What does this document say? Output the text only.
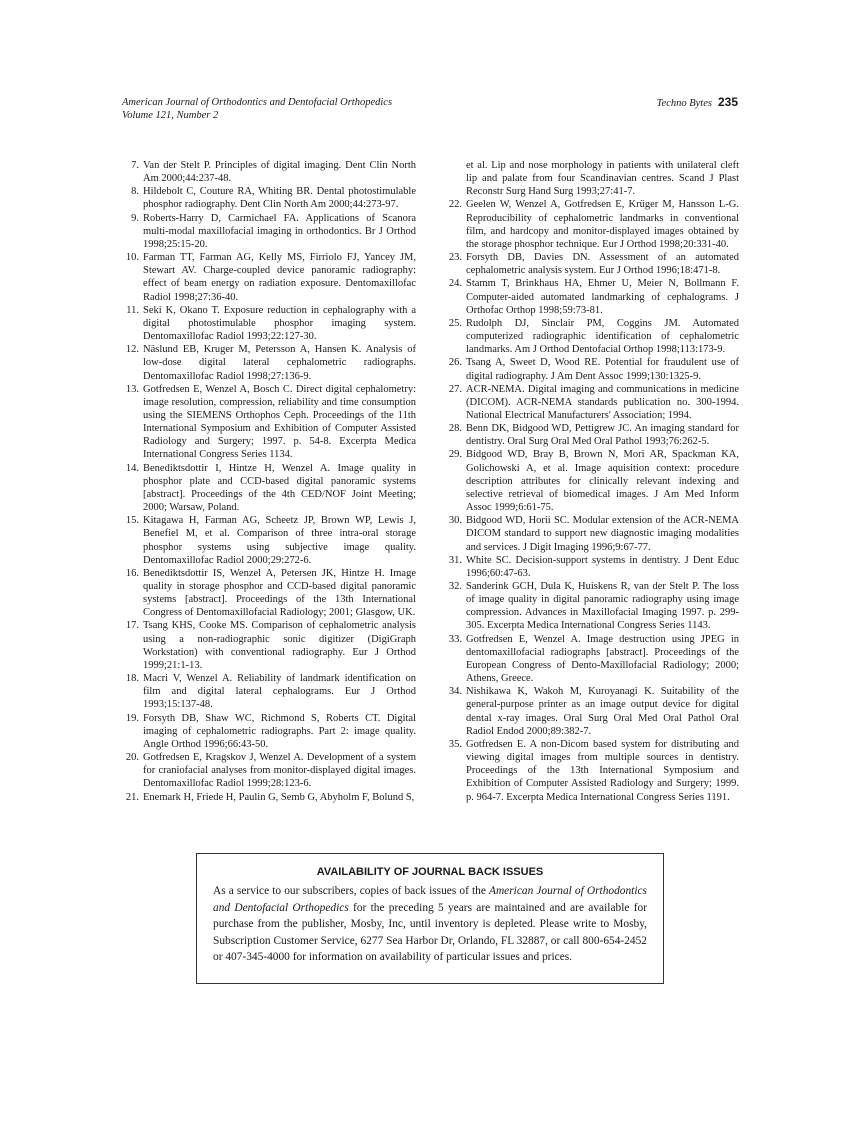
American Journal of Orthodontics and Dentofacial Orthopedics
Volume 121, Number 2
Techno Bytes 235
7. Van der Stelt P. Principles of digital imaging. Dent Clin North Am 2000;44:237-48.
8. Hildebolt C, Couture RA, Whiting BR. Dental photostimulable phosphor radiography. Dent Clin North Am 2000;44:273-97.
9. Roberts-Harry D, Carmichael FA. Applications of Scanora multi-modal maxillofacial imaging in orthodontics. Br J Orthod 1998;25:15-20.
10. Farman TT, Farman AG, Kelly MS, Firriolo FJ, Yancey JM, Stewart AV. Charge-coupled device panoramic radiography: effect of beam energy on radiation exposure. Dentomaxillofac Radiol 1998;27:36-40.
11. Seki K, Okano T. Exposure reduction in cephalography with a digital photostimulable phosphor imaging system. Dentomaxillofac Radiol 1993;22:127-30.
12. Näslund EB, Kruger M, Petersson A, Hansen K. Analysis of low-dose digital lateral cephalometric radiographs. Dentomaxillofac Radiol 1998;27:136-9.
13. Gotfredsen E, Wenzel A, Bosch C. Direct digital cephalometry: image resolution, compression, reliability and time consumption using the SIEMENS Orthophos Ceph. Proceedings of the 11th International Symposium and Exhibition of Computer Assisted Radiology and Surgery; 1997. p. 54-8. Excerpta Medica International Congress Series 1134.
14. Benediktsdottir I, Hintze H, Wenzel A. Image quality in phosphor plate and CCD-based digital panoramic systems [abstract]. Proceedings of the 4th CED/NOF Joint Meeting; 2000; Warsaw, Poland.
15. Kitagawa H, Farman AG, Scheetz JP, Brown WP, Lewis J, Benefiel M, et al. Comparison of three intra-oral storage phosphor systems using subjective image quality. Dentomaxillofac Radiol 2000;29:272-6.
16. Benediktsdottir IS, Wenzel A, Petersen JK, Hintze H. Image quality in storage phosphor and CCD-based digital panoramic systems [abstract]. Proceedings of the 13th International Congress of Dentomaxillofacial Radiology; 2001; Glasgow, UK.
17. Tsang KHS, Cooke MS. Comparison of cephalometric analysis using a non-radiographic sonic digitizer (DigiGraph Workstation) with conventional radiography. Eur J Orthod 1999;21:1-13.
18. Macri V, Wenzel A. Reliability of landmark identification on film and digital lateral cephalograms. Eur J Orthod 1993;15:137-48.
19. Forsyth DB, Shaw WC, Richmond S, Roberts CT. Digital imaging of cephalometric radiographs. Part 2: image quality. Angle Orthod 1996;66:43-50.
20. Gotfredsen E, Kragskov J, Wenzel A. Development of a system for craniofacial analyses from monitor-displayed digital images. Dentomaxillofac Radiol 1999;28:123-6.
21. Enemark H, Friede H, Paulin G, Semb G, Abyholm F, Bolund S,
et al. Lip and nose morphology in patients with unilateral cleft lip and palate from four Scandinavian centres. Scand J Plast Reconstr Surg Hand Surg 1993;27:41-7.
22. Geelen W, Wenzel A, Gotfredsen E, Krüger M, Hansson L-G. Reproducibility of cephalometric landmarks in conventional film, and hardcopy and monitor-displayed images obtained by the storage phosphor technique. Eur J Orthod 1998;20:331-40.
23. Forsyth DB, Davies DN. Assessment of an automated cephalometric analysis system. Eur J Orthod 1996;18:471-8.
24. Stamm T, Brinkhaus HA, Ehmer U, Meier N, Bollmann F. Computer-aided automated landmarking of cephalograms. J Orthofac Orthop 1998;59:73-81.
25. Rudolph DJ, Sinclair PM, Coggins JM. Automated computerized radiographic identification of cephalometric landmarks. Am J Orthod Dentofacial Orthop 1998;113:173-9.
26. Tsang A, Sweet D, Wood RE. Potential for fraudulent use of digital radiography. J Am Dent Assoc 1999;130:1325-9.
27. ACR-NEMA. Digital imaging and communications in medicine (DICOM). ACR-NEMA standards publication no. 300-1994. National Electrical Manufacturers' Association; 1994.
28. Benn DK, Bidgood WD, Pettigrew JC. An imaging standard for dentistry. Oral Surg Oral Med Oral Pathol 1993;76:262-5.
29. Bidgood WD, Bray B, Brown N, Mori AR, Spackman KA, Golichowski A, et al. Image aquisition context: procedure description attributes for clinically relevant indexing and selective retrieval of biomedical images. J Am Med Inform Assoc 1999;6:61-75.
30. Bidgood WD, Horii SC. Modular extension of the ACR-NEMA DICOM standard to support new diagnostic imaging modalities and services. J Digit Imaging 1996;9:67-77.
31. White SC. Decision-support systems in dentistry. J Dent Educ 1996;60:47-63.
32. Sanderink GCH, Dula K, Huiskens R, van der Stelt P. The loss of image quality in digital panoramic radiography using image compression. Advances in Maxillofacial Imaging 1997. p. 299-305. Excerpta Medica International Congress Series 1143.
33. Gotfredsen E, Wenzel A. Image destruction using JPEG in dentomaxillofacial radiographs [abstract]. Proceedings of the European Congress of Dento-Maxillofacial Radiology; 2000; Athens, Greece.
34. Nishikawa K, Wakoh M, Kuroyanagi K. Suitability of the general-purpose printer as an image output device for digital dental x-ray images. Oral Surg Oral Med Oral Pathol Oral Radiol Endod 2000;89:382-7.
35. Gotfredsen E. A non-Dicom based system for distributing and viewing digital images from multiple sources in dentistry. Proceedings of the 13th International Symposium and Exhibition of Computer Assisted Radiology and Surgery; 1999. p. 964-7. Excerpta Medica International Congress Series 1191.
AVAILABILITY OF JOURNAL BACK ISSUES

As a service to our subscribers, copies of back issues of the American Journal of Orthodontics and Dentofacial Orthopedics for the preceding 5 years are maintained and are available for purchase from the publisher, Mosby, Inc, until inventory is depleted. Please write to Mosby, Subscription Customer Service, 6277 Sea Harbor Dr, Orlando, FL 32887, or call 800-654-2452 or 407-345-4000 for information on availability of particular issues and prices.
